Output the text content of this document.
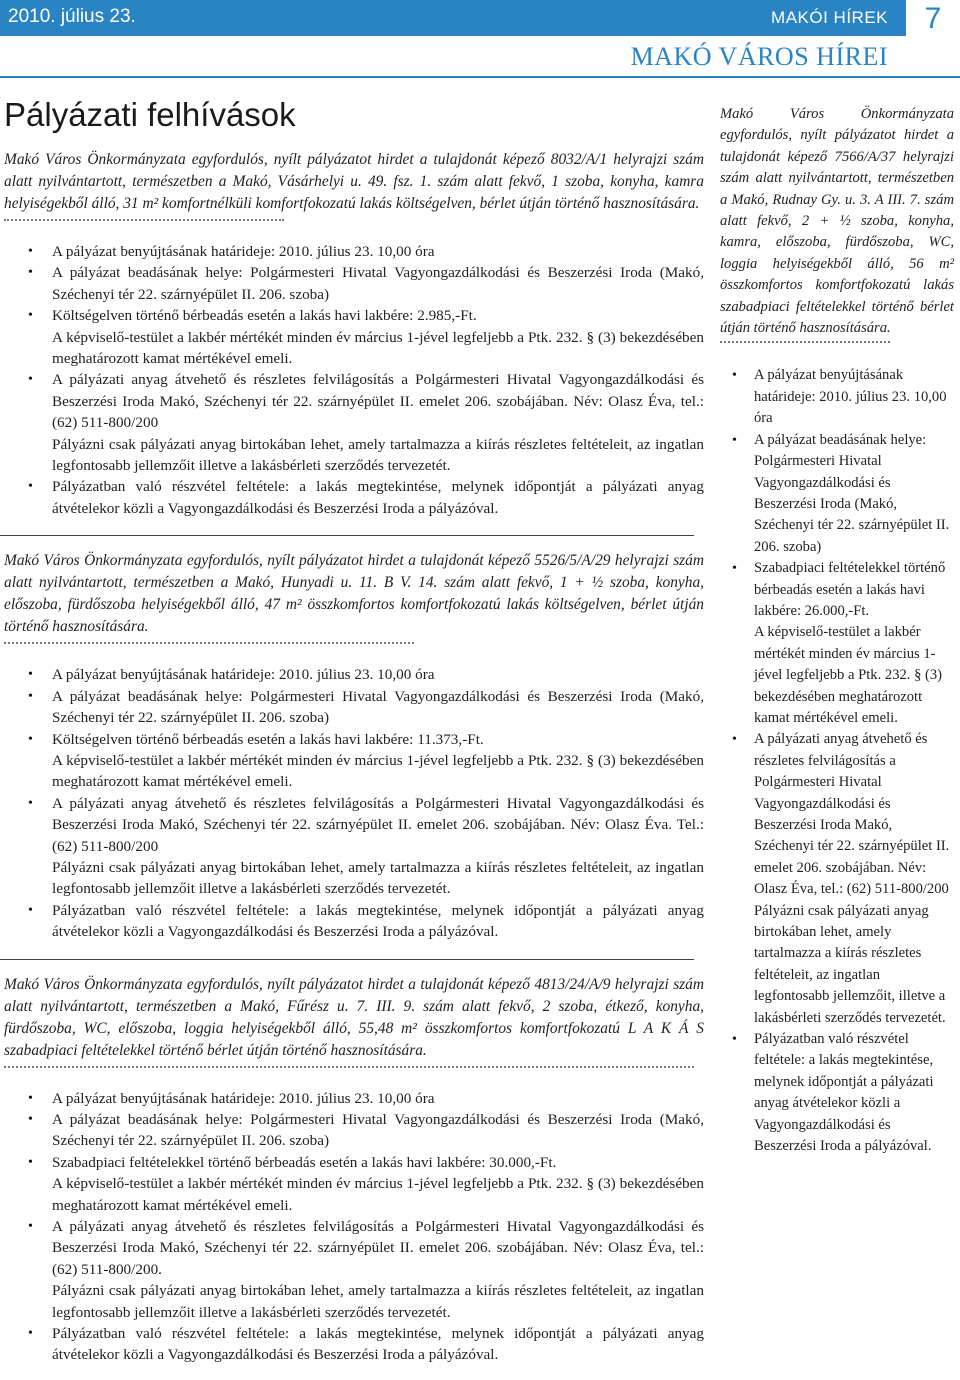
2010. július 23.	MAKÓI HÍREK	7
MAKÓ VÁROS HÍREI
Pályázati felhívások

Makó Város Önkormányzata egyfordulós, nyílt pályázatot hirdet a tulajdonát képező 8032/A/1 helyrajzi szám alatt nyilvántartott, természetben a Makó, Vásárhelyi u. 49. fsz. 1. szám alatt fekvő, 1 szoba, konyha, kamra helyiségekből álló, 31 m² komfortnélküli komfortfokozatú lakás költségelven, bérlet útján történő hasznosítására.

• A pályázat benyújtásának határideje: 2010. július 23. 10,00 óra
• A pályázat beadásának helye: Polgármesteri Hivatal Vagyongazdálkodási és Beszerzési Iroda (Makó, Széchenyi tér 22. szárnyépület II. 206. szoba)
• Költségelven történő bérbeadás esetén a lakás havi lakbére: 2.985,-Ft.
A képviselő-testület a lakbér mértékét minden év március 1-jével legfeljebb a Ptk. 232. § (3) bekezdésében meghatározott kamat mértékével emeli.
• A pályázati anyag átvehető és részletes felvilágosítás a Polgármesteri Hivatal Vagyongazdálkodási és Beszerzési Iroda Makó, Széchenyi tér 22. szárnyépület II. emelet 206. szobájában. Név: Olasz Éva, tel.: (62) 511-800/200
Pályázni csak pályázati anyag birtokában lehet, amely tartalmazza a kiírás részletes feltételeit, az ingatlan legfontosabb jellemzőit illetve a lakásbérleti szerződés tervezetét.
• Pályázatban való részvétel feltétele: a lakás megtekintése, melynek időpontját a pályázati anyag átvételekor közli a Vagyongazdálkodási és Beszerzési Iroda a pályázóval.

Makó Város Önkormányzata egyfordulós, nyílt pályázatot hirdet a tulajdonát képező 5526/5/A/29 helyrajzi szám alatt nyilvántartott, természetben a Makó, Hunyadi u. 11. B V. 14. szám alatt fekvő, 1 + ½ szoba, konyha, előszoba, fürdőszoba helyiségekből álló, 47 m² összkomfortos komfortfokozatú lakás költségelven, bérlet útján történő hasznosítására.

• A pályázat benyújtásának határideje: 2010. július 23. 10,00 óra
• A pályázat beadásának helye: Polgármesteri Hivatal Vagyongazdálkodási és Beszerzési Iroda (Makó, Széchenyi tér 22. szárnyépület II. 206. szoba)
• Költségelven történő bérbeadás esetén a lakás havi lakbére: 11.373,-Ft.
A képviselő-testület a lakbér mértékét minden év március 1-jével legfeljebb a Ptk. 232. § (3) bekezdésében meghatározott kamat mértékével emeli.
• A pályázati anyag átvehető és részletes felvilágosítás a Polgármesteri Hivatal Vagyongazdálkodási és Beszerzési Iroda Makó, Széchenyi tér 22. szárnyépület II. emelet 206. szobájában. Név: Olasz Éva. Tel.: (62) 511-800/200
Pályázni csak pályázati anyag birtokában lehet, amely tartalmazza a kiírás részletes feltételeit, az ingatlan legfontosabb jellemzőit illetve a lakásbérleti szerződés tervezetét.
• Pályázatban való részvétel feltétele: a lakás megtekintése, melynek időpontját a pályázati anyag átvételekor közli a Vagyongazdálkodási és Beszerzési Iroda a pályázóval.

Makó Város Önkormányzata egyfordulós, nyílt pályázatot hirdet a tulajdonát képező 4813/24/A/9 helyrajzi szám alatt nyilvántartott, természetben a Makó, Fűrész u. 7. III. 9. szám alatt fekvő, 2 szoba, étkező, konyha, fürdőszoba, WC, előszoba, loggia helyiségekből álló, 55,48 m² összkomfortos komfortfokozatú L A K Á S szabadpiaci feltételekkel történő bérlet útján történő hasznosítására.

• A pályázat benyújtásának határideje: 2010. július 23. 10,00 óra
• A pályázat beadásának helye: Polgármesteri Hivatal Vagyongazdálkodási és Beszerzési Iroda (Makó, Széchenyi tér 22. szárnyépület II. 206. szoba)
• Szabadpiaci feltételekkel történő bérbeadás esetén a lakás havi lakbére: 30.000,-Ft.
A képviselő-testület a lakbér mértékét minden év március 1-jével legfeljebb a Ptk. 232. § (3) bekezdésében meghatározott kamat mértékével emeli.
• A pályázati anyag átvehető és részletes felvilágosítás a Polgármesteri Hivatal Vagyongazdálkodási és Beszerzési Iroda Makó, Széchenyi tér 22. szárnyépület II. emelet 206. szobájában. Név: Olasz Éva, tel.: (62) 511-800/200.
Pályázni csak pályázati anyag birtokában lehet, amely tartalmazza a kiírás részletes feltételeit, az ingatlan legfontosabb jellemzőit illetve a lakásbérleti szerződés tervezetét.
• Pályázatban való részvétel feltétele: a lakás megtekintése, melynek időpontját a pályázati anyag átvételekor közli a Vagyongazdálkodási és Beszerzési Iroda a pályázóval.

Makó Város Önkormányzata egyfordulós, nyílt pályázatot hirdet a tulajdonát képező 7566/A/37 helyrajzi szám alatt nyilvántartott, természetben a Makó, Rudnay Gy. u. 3. A III. 7. szám alatt fekvő, 2 + ½ szoba, konyha, kamra, előszoba, fürdőszoba, WC, loggia helyiségekből álló, 56 m² összkomfortos komfortfokozatú lakás szabadpiaci feltételekkel történő bérlet útján történő hasznosítására.

• A pályázat benyújtásának határideje: 2010. július 23. 10,00 óra
• A pályázat beadásának helye: Polgármesteri Hivatal Vagyongazdálkodási és Beszerzési Iroda (Makó, Széchenyi tér 22. szárnyépület II. 206. szoba)
• Szabadpiaci feltételekkel történő bérbeadás esetén a lakás havi lakbére: 26.000,-Ft.
A képviselő-testület a lakbér mértékét minden év március 1-jével legfeljebb a Ptk. 232. § (3) bekezdésében meghatározott kamat mértékével emeli.
• A pályázati anyag átvehető és részletes felvilágosítás a Polgármesteri Hivatal Vagyongazdálkodási és Beszerzési Iroda Makó, Széchenyi tér 22. szárnyépület II. emelet 206. szobájában. Név: Olasz Éva, tel.: (62) 511-800/200
Pályázni csak pályázati anyag birtokában lehet, amely tartalmazza a kiírás részletes feltételeit, az ingatlan legfontosabb jellemzőit, illetve a lakásbérleti szerződés tervezetét.
• Pályázatban való részvétel feltétele: a lakás megtekintése, melynek időpontját a pályázati anyag átvételekor közli a Vagyongazdálkodási és Beszerzési Iroda a pályázóval.
